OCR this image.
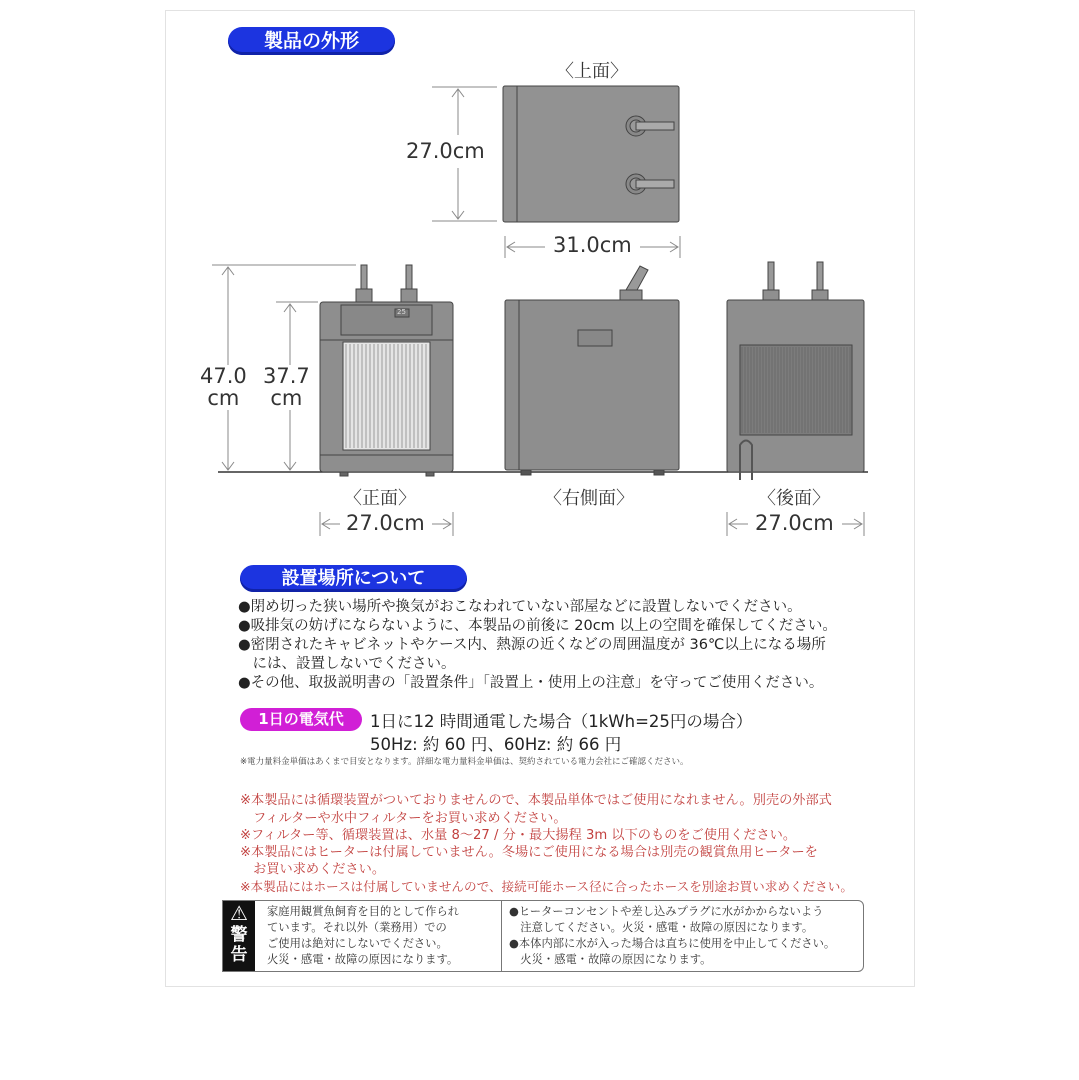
製品の外形
25
〈上面〉
27.0cm
31.0cm
47.0
cm
37.7
cm
〈正面〉	〈右側面〉	〈後面〉
27.0cm	27.0cm
設置場所について
●閉め切った狭い場所や換気がおこなわれていない部屋などに設置しないでください。
●吸排気の妨げにならないように、本製品の前後に 20cm 以上の空間を確保してください。
●密閉されたキャビネットやケース内、熱源の近くなどの周囲温度が 36℃以上になる場所
　には、設置しないでください。
●その他、取扱説明書の「設置条件」「設置上・使用上の注意」を守ってご使用ください。
1日の電気代	1日に12 時間通電した場合（1kWh=25円の場合）
50Hz: 約 60 円、60Hz: 約 66 円
※電力量料金単価はあくまで目安となります。詳細な電力量料金単価は、契約されている電力会社にご確認ください。
※本製品には循環装置がついておりませんので、本製品単体ではご使用になれません。別売の外部式
　フィルターや水中フィルターをお買い求めください。
※フィルター等、循環装置は、水量 8～27 / 分・最大揚程 3m 以下のものをご使用ください。
※本製品にはヒーターは付属していません。冬場にご使用になる場合は別売の観賞魚用ヒーターを
　お買い求めください。
※本製品にはホースは付属していませんので、接続可能ホース径に合ったホースを別途お買い求めください。
⚠
警告
家庭用観賞魚飼育を目的として作られ
ています。それ以外（業務用）での
ご使用は絶対にしないでください。
火災・感電・故障の原因になります。
●ヒーターコンセントや差し込みプラグに水がかからないよう
　注意してください。火災・感電・故障の原因になります。
●本体内部に水が入った場合は直ちに使用を中止してください。
　火災・感電・故障の原因になります。
